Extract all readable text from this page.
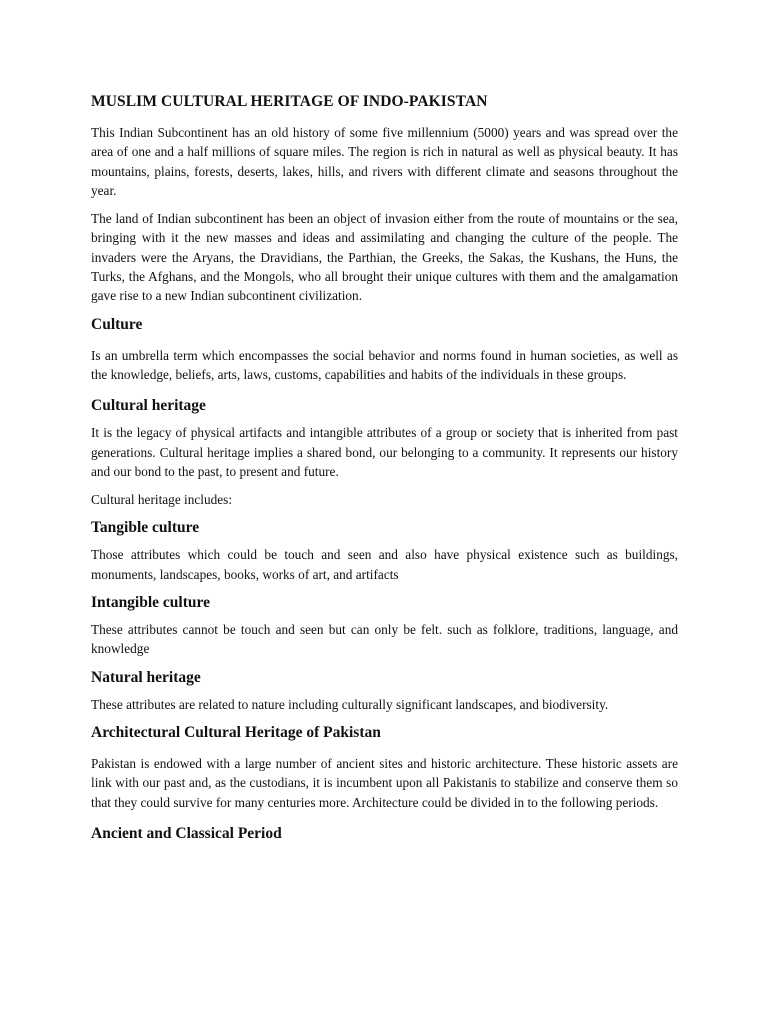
MUSLIM CULTURAL HERITAGE OF INDO-PAKISTAN

This Indian Subcontinent has an old history of some five millennium (5000) years and was spread over the area of one and a half millions of square miles. The region is rich in natural as well as physical beauty. It has mountains, plains, forests, deserts, lakes, hills, and rivers with different climate and seasons throughout the year.

The land of Indian subcontinent has been an object of invasion either from the route of mountains or the sea, bringing with it the new masses and ideas and assimilating and changing the culture of the people. The invaders were the Aryans, the Dravidians, the Parthian, the Greeks, the Sakas, the Kushans, the Huns, the Turks, the Afghans, and the Mongols, who all brought their unique cultures with them and the amalgamation gave rise to a new Indian subcontinent civilization.

Culture

Is an umbrella term which encompasses the social behavior and norms found in human societies, as well as the knowledge, beliefs, arts, laws, customs, capabilities and habits of the individuals in these groups.

Cultural heritage

It is the legacy of physical artifacts and intangible attributes of a group or society that is inherited from past generations. Cultural heritage implies a shared bond, our belonging to a community. It represents our history and our bond to the past, to present and future.

Cultural heritage includes:

Tangible culture

Those attributes which could be touch and seen and also have physical existence such as buildings, monuments, landscapes, books, works of art, and artifacts

Intangible culture

These attributes cannot be touch and seen but can only be felt. such as folklore, traditions, language, and knowledge

Natural heritage

These attributes are related to nature including culturally significant landscapes, and biodiversity.

Architectural Cultural Heritage of Pakistan

Pakistan is endowed with a large number of ancient sites and historic architecture. These historic assets are link with our past and, as the custodians, it is incumbent upon all Pakistanis to stabilize and conserve them so that they could survive for many centuries more. Architecture could be divided in to the following periods.

Ancient and Classical Period
